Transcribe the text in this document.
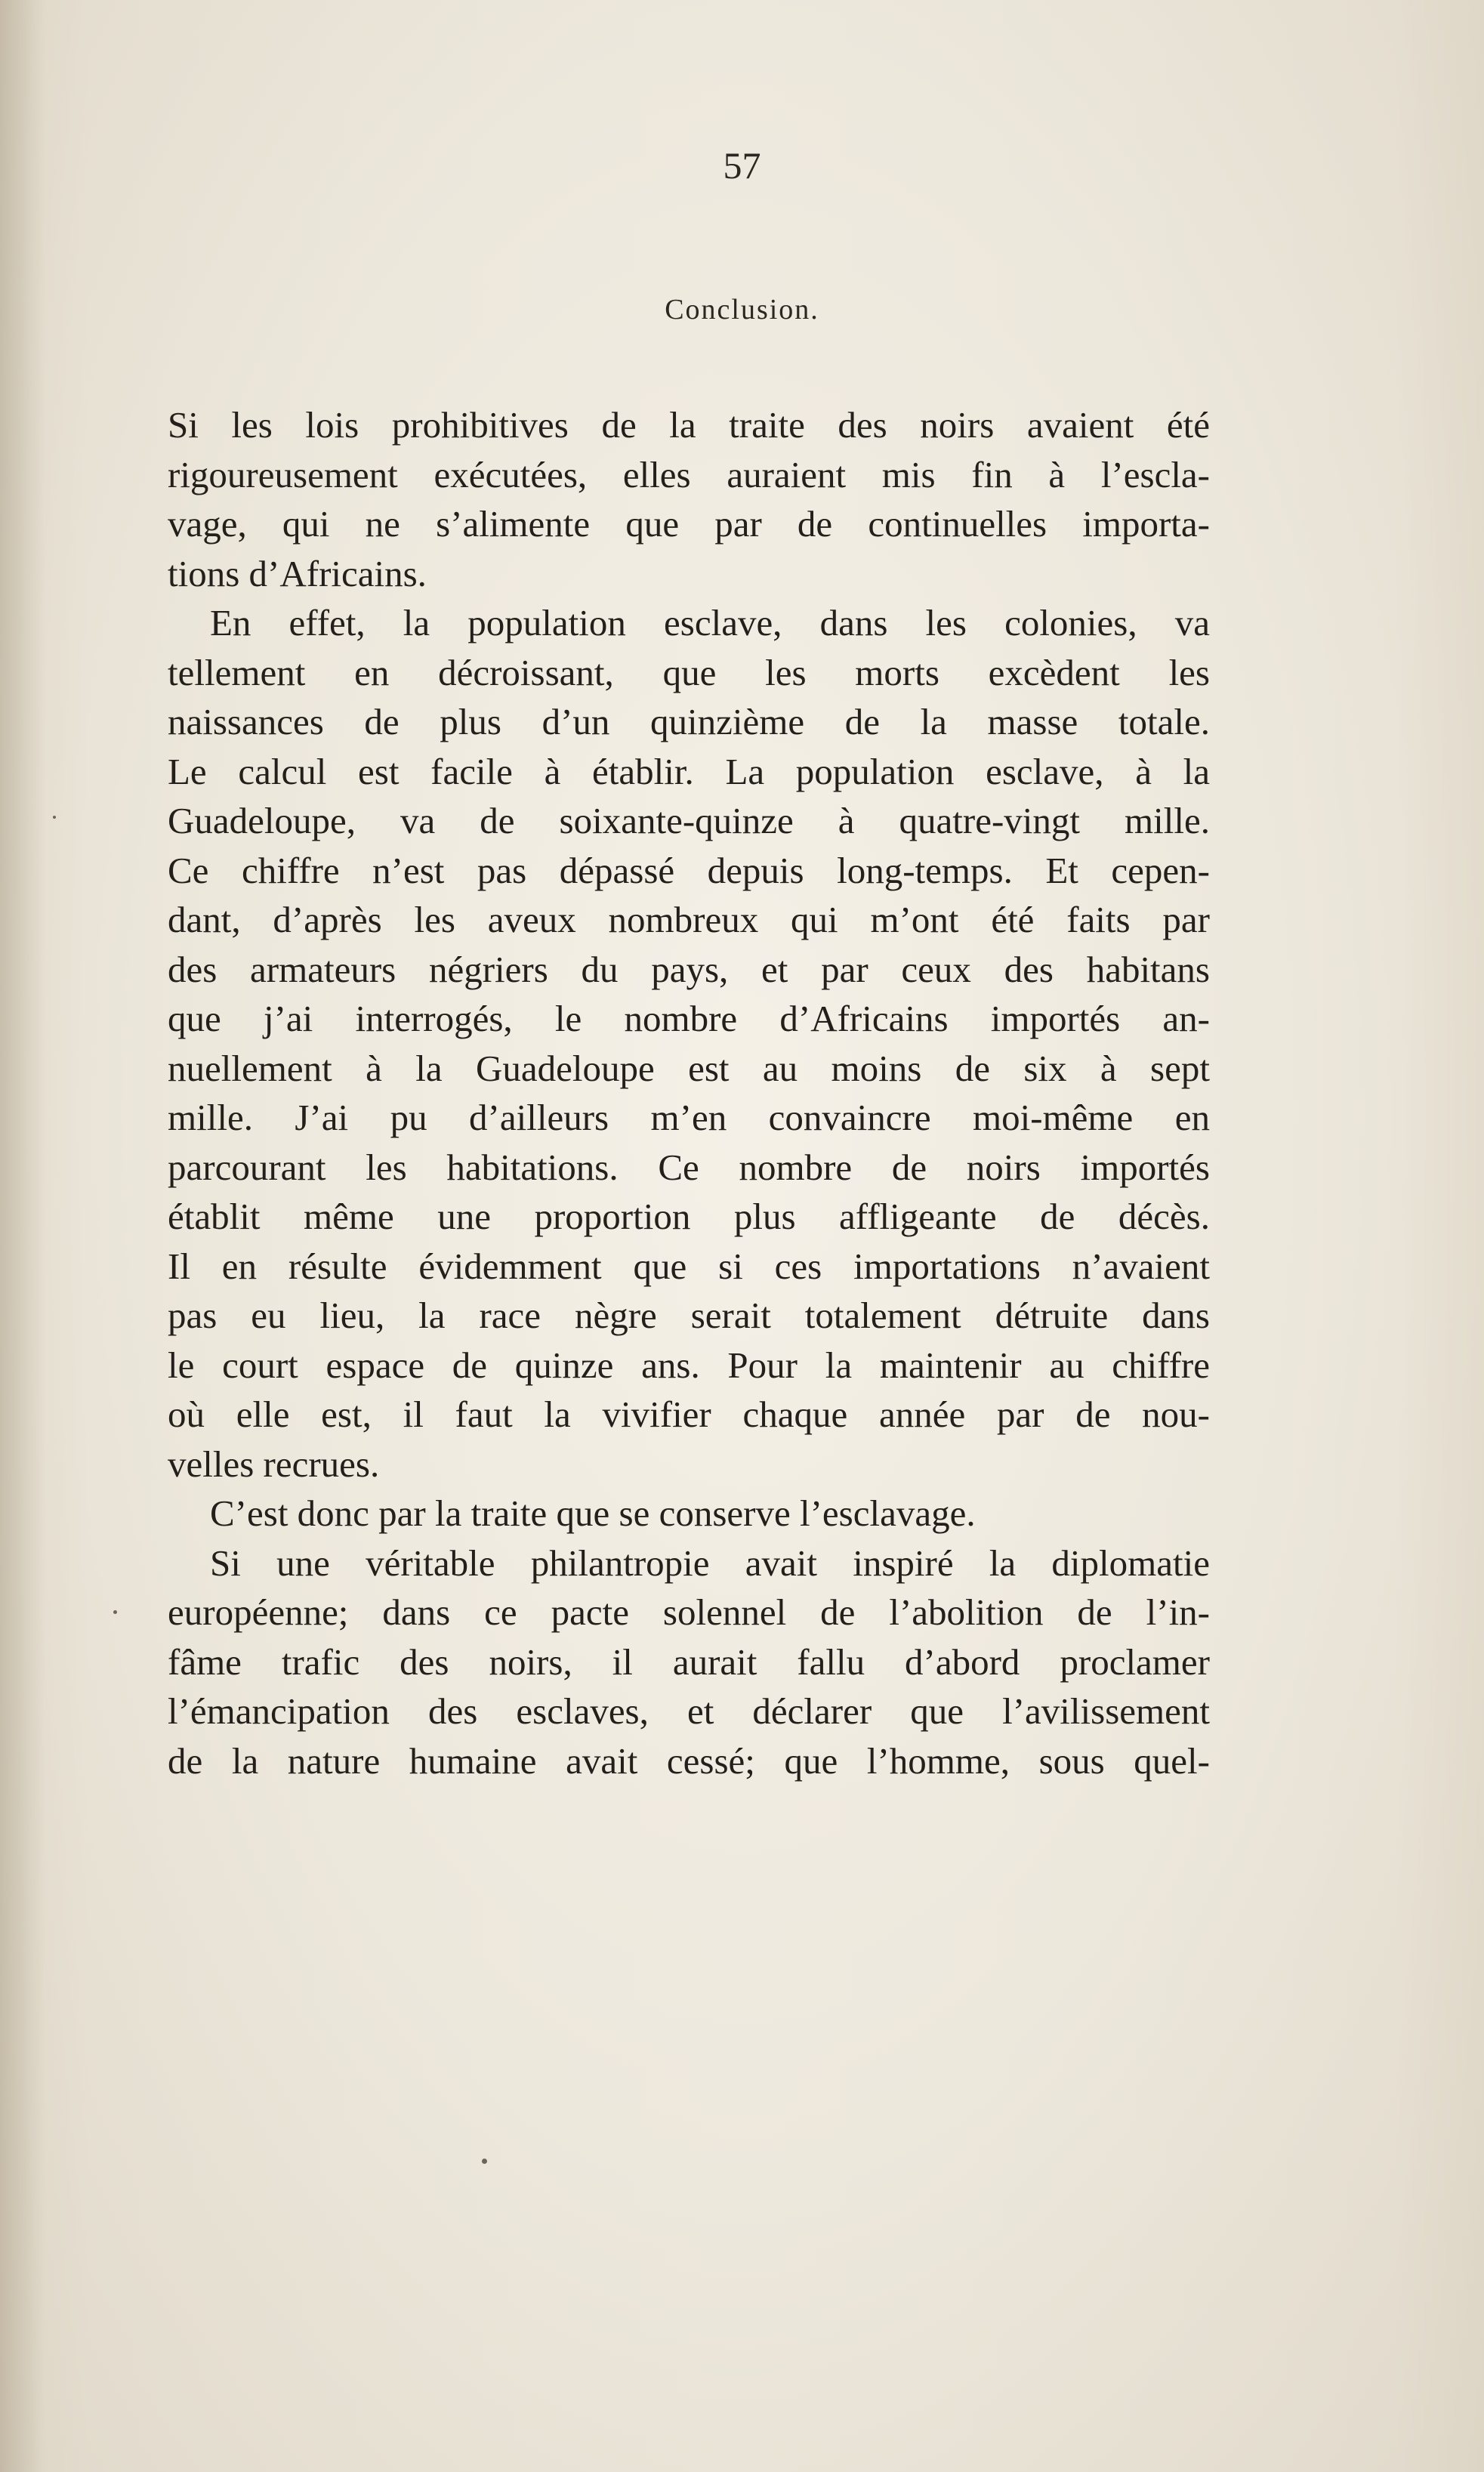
57
Conclusion.
Si les lois prohibitives de la traite des noirs avaient été
rigoureusement exécutées, elles auraient mis fin à l’escla-
vage, qui ne s’alimente que par de continuelles importa-
tions d’Africains.
En effet, la population esclave, dans les colonies, va
tellement en décroissant, que les morts excèdent les
naissances de plus d’un quinzième de la masse totale.
Le calcul est facile à établir. La population esclave, à la
Guadeloupe, va de soixante-quinze à quatre-vingt mille.
Ce chiffre n’est pas dépassé depuis long-temps. Et cepen-
dant, d’après les aveux nombreux qui m’ont été faits par
des armateurs négriers du pays, et par ceux des habitans
que j’ai interrogés, le nombre d’Africains importés an-
nuellement à la Guadeloupe est au moins de six à sept
mille. J’ai pu d’ailleurs m’en convaincre moi-même en
parcourant les habitations. Ce nombre de noirs importés
établit même une proportion plus affligeante de décès.
Il en résulte évidemment que si ces importations n’avaient
pas eu lieu, la race nègre serait totalement détruite dans
le court espace de quinze ans. Pour la maintenir au chiffre
où elle est, il faut la vivifier chaque année par de nou-
velles recrues.
C’est donc par la traite que se conserve l’esclavage.
Si une véritable philantropie avait inspiré la diplomatie
européenne; dans ce pacte solennel de l’abolition de l’in-
fâme trafic des noirs, il aurait fallu d’abord proclamer
l’émancipation des esclaves, et déclarer que l’avilissement
de la nature humaine avait cessé; que l’homme, sous quel-
